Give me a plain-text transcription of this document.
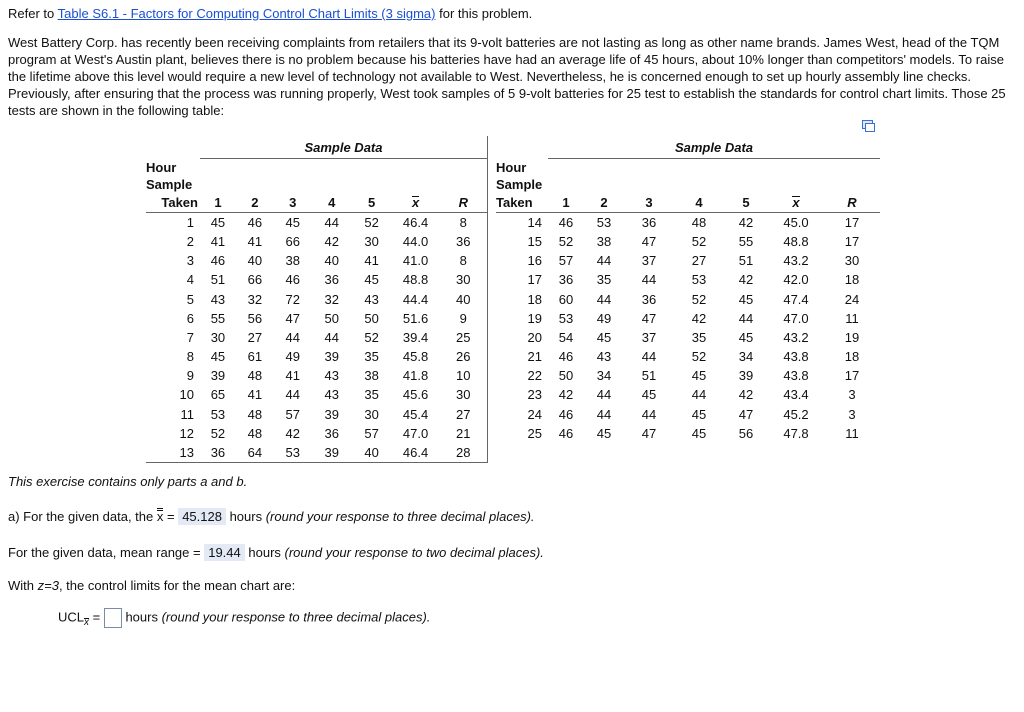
Refer to Table S6.1 - Factors for Computing Control Chart Limits (3 sigma) for this problem.
West Battery Corp. has recently been receiving complaints from retailers that its 9-volt batteries are not lasting as long as other name brands. James West, head of the TQM program at West's Austin plant, believes there is no problem because his batteries have had an average life of 45 hours, about 10% longer than competitors' models. To raise the lifetime above this level would require a new level of technology not available to West. Nevertheless, he is concerned enough to set up hourly assembly line checks. Previously, after ensuring that the process was running properly, West took samples of 5 9-volt batteries for 25 test to establish the standards for control chart limits. Those 25 tests are shown in the following table:
	Sample Data						

Hour
Sample							

Taken	1	2	3	4	5	x	R
1	45	46	45	44	52	46.4	8
2	41	41	66	42	30	44.0	36
3	46	40	38	40	41	41.0	8
4	51	66	46	36	45	48.8	30
5	43	32	72	32	43	44.4	40
6	55	56	47	50	50	51.6	9
7	30	27	44	44	52	39.4	25
8	45	61	49	39	35	45.8	26
9	39	48	41	43	38	41.8	10
10	65	41	44	43	35	45.6	30
11	53	48	57	39	30	45.4	27
12	52	48	42	36	57	47.0	21
13	36	64	53	39	40	46.4	28
	Sample Data						

Hour
Sample							

Taken	1	2	3	4	5	x	R
14	46	53	36	48	42	45.0	17
15	52	38	47	52	55	48.8	17
16	57	44	37	27	51	43.2	30
17	36	35	44	53	42	42.0	18
18	60	44	36	52	45	47.4	24
19	53	49	47	42	44	47.0	11
20	54	45	37	35	45	43.2	19
21	46	43	44	52	34	43.8	18
22	50	34	51	45	39	43.8	17
23	42	44	45	44	42	43.4	3
24	46	44	44	45	47	45.2	3
25	46	45	47	45	56	47.8	11
This exercise contains only parts a and b.
a) For the given data, the x = 45.128 hours (round your response to three decimal places).
For the given data, mean range = 19.44 hours (round your response to two decimal places).
With z=3, the control limits for the mean chart are:
$UCL_x$ =  hours (round your response to three decimal places).
